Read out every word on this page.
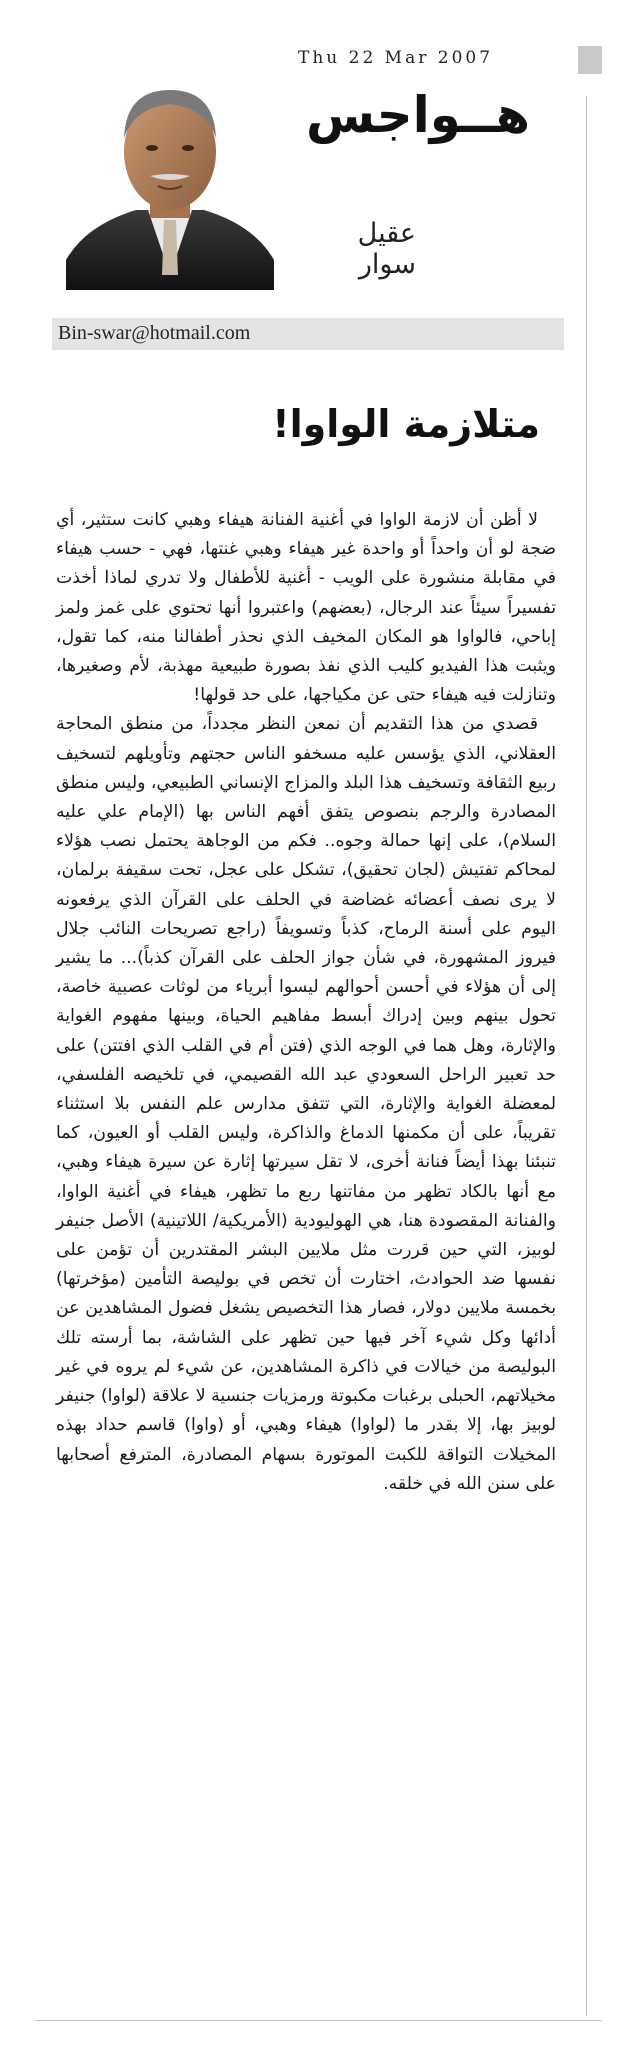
Thu 22 Mar 2007
هــواجس
عقيل سوار
Bin-swar@hotmail.com
متلازمة الواوا!

لا أظن أن لازمة الواوا في أغنية الفنانة هيفاء وهبي كانت ستثير، أي ضجة لو أن واحداً أو واحدة غير هيفاء وهبي غنتها، فهي - حسب هيفاء في مقابلة منشورة على الويب - أغنية للأطفال ولا تدري لماذا أخذت تفسيراً سيئاً عند الرجال، (بعضهم) واعتبروا أنها تحتوي على غمز ولمز إباحي، فالواوا هو المكان المخيف الذي نحذر أطفالنا منه، كما تقول، ويثبت هذا الفيديو كليب الذي نفذ بصورة طبيعية مهذبة، لأم وصغيرها، وتنازلت فيه هيفاء حتى عن مكياجها، على حد قولها!

قصدي من هذا التقديم أن نمعن النظر مجدداً، من منطق المحاجة العقلاني، الذي يؤسس عليه مسخفو الناس حجتهم وتأويلهم لتسخيف ربيع الثقافة وتسخيف هذا البلد والمزاج الإنساني الطبيعي، وليس منطق المصادرة والرجم بنصوص يتفق أفهم الناس بها (الإمام علي عليه السلام)، على إنها حمالة وجوه.. فكم من الوجاهة يحتمل نصب هؤلاء لمحاكم تفتيش (لجان تحقيق)، تشكل على عجل، تحت سقيفة برلمان، لا يرى نصف أعضائه غضاضة في الحلف على القرآن الذي يرفعونه اليوم على أسنة الرماح، كذباً وتسويفاً (راجع تصريحات النائب جلال فيروز المشهورة، في شأن جواز الحلف على القرآن كذباً)... ما يشير إلى أن هؤلاء في أحسن أحوالهم ليسوا أبرياء من لوثات عصبية خاصة، تحول بينهم وبين إدراك أبسط مفاهيم الحياة، وبينها مفهوم الغواية والإثارة، وهل هما في الوجه الذي (فتن أم في القلب الذي افتتن) على حد تعبير الراحل السعودي عبد الله القصيمي، في تلخيصه الفلسفي، لمعضلة الغواية والإثارة، التي تتفق مدارس علم النفس بلا استثناء تقريباً، على أن مكمنها الدماغ والذاكرة، وليس القلب أو العيون، كما تنبئنا بهذا أيضاً فنانة أخرى، لا تقل سيرتها إثارة عن سيرة هيفاء وهبي، مع أنها بالكاد تظهر من مفاتنها ربع ما تظهر، هيفاء في أغنية الواوا، والفنانة المقصودة هنا، هي الهوليودية (الأمريكية/ اللاتينية) الأصل جنيفر لوبيز، التي حين قررت مثل ملايين البشر المقتدرين أن تؤمن على نفسها ضد الحوادث، اختارت أن تخص في بوليصة التأمين (مؤخرتها) بخمسة ملايين دولار، فصار هذا التخصيص يشغل فضول المشاهدين عن أدائها وكل شيء آخر فيها حين تظهر على الشاشة، بما أرسته تلك البوليصة من خيالات في ذاكرة المشاهدين، عن شيء لم يروه في غير مخيلاتهم، الحبلى برغبات مكبوتة ورمزيات جنسية لا علاقة (لواوا) جنيفر لوبيز بها، إلا بقدر ما (لواوا) هيفاء وهبي، أو (واوا) قاسم حداد بهذه المخيلات التواقة للكبت الموتورة بسهام المصادرة، المترفع أصحابها على سنن الله في خلقه.
